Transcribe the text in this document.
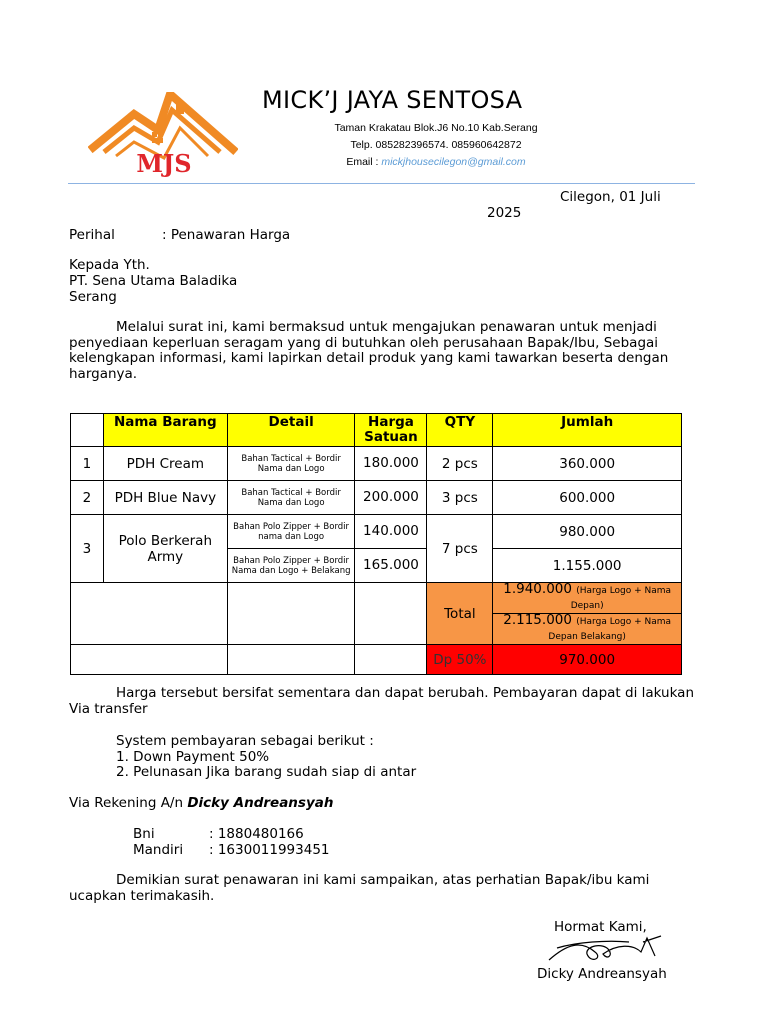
MJS
MICK’J JAYA SENTOSA
Taman Krakatau Blok.J6 No.10 Kab.Serang
Telp. 085282396574. 085960642872
Email : mickjhousecilegon@gmail.com
Cilegon, 01 Juli
2025
Perihal	: Penawaran Harga
Kepada Yth.
PT. Sena Utama Baladika
Serang
Melalui surat ini, kami bermaksud untuk mengajukan penawaran untuk menjadi penyediaan keperluan seragam yang di butuhkan oleh perusahaan Bapak/Ibu, Sebagai kelengkapan informasi, kami lapirkan detail produk yang kami tawarkan beserta dengan harganya.
	Nama Barang	Detail	Harga Satuan	QTY	Jumlah
1	PDH Cream	Bahan Tactical + Bordir Nama dan Logo	180.000	2 pcs	360.000
2	PDH Blue Navy	Bahan Tactical + Bordir Nama dan Logo	200.000	3 pcs	600.000
3	Polo Berkerah Army	Bahan Polo Zipper + Bordir nama dan Logo	140.000	7 pcs	980.000
		Bahan Polo Zipper + Bordir Nama dan Logo + Belakang	165.000		1.155.000
				Total	1.940.000 (Harga Logo + Nama Depan)
					2.115.000 (Harga Logo + Nama Depan Belakang)
				Dp 50%	970.000
Harga tersebut bersifat sementara dan dapat berubah. Pembayaran dapat di lakukan Via transfer
System pembayaran sebagai berikut :
1. Down Payment 50%
2. Pelunasan Jika barang sudah siap di antar
Via Rekening A/n Dicky Andreansyah
Bni	: 1880480166
Mandiri : 1630011993451
Demikian surat penawaran ini kami sampaikan, atas perhatian Bapak/ibu kami ucapkan terimakasih.
Hormat Kami,
Dicky Andreansyah
